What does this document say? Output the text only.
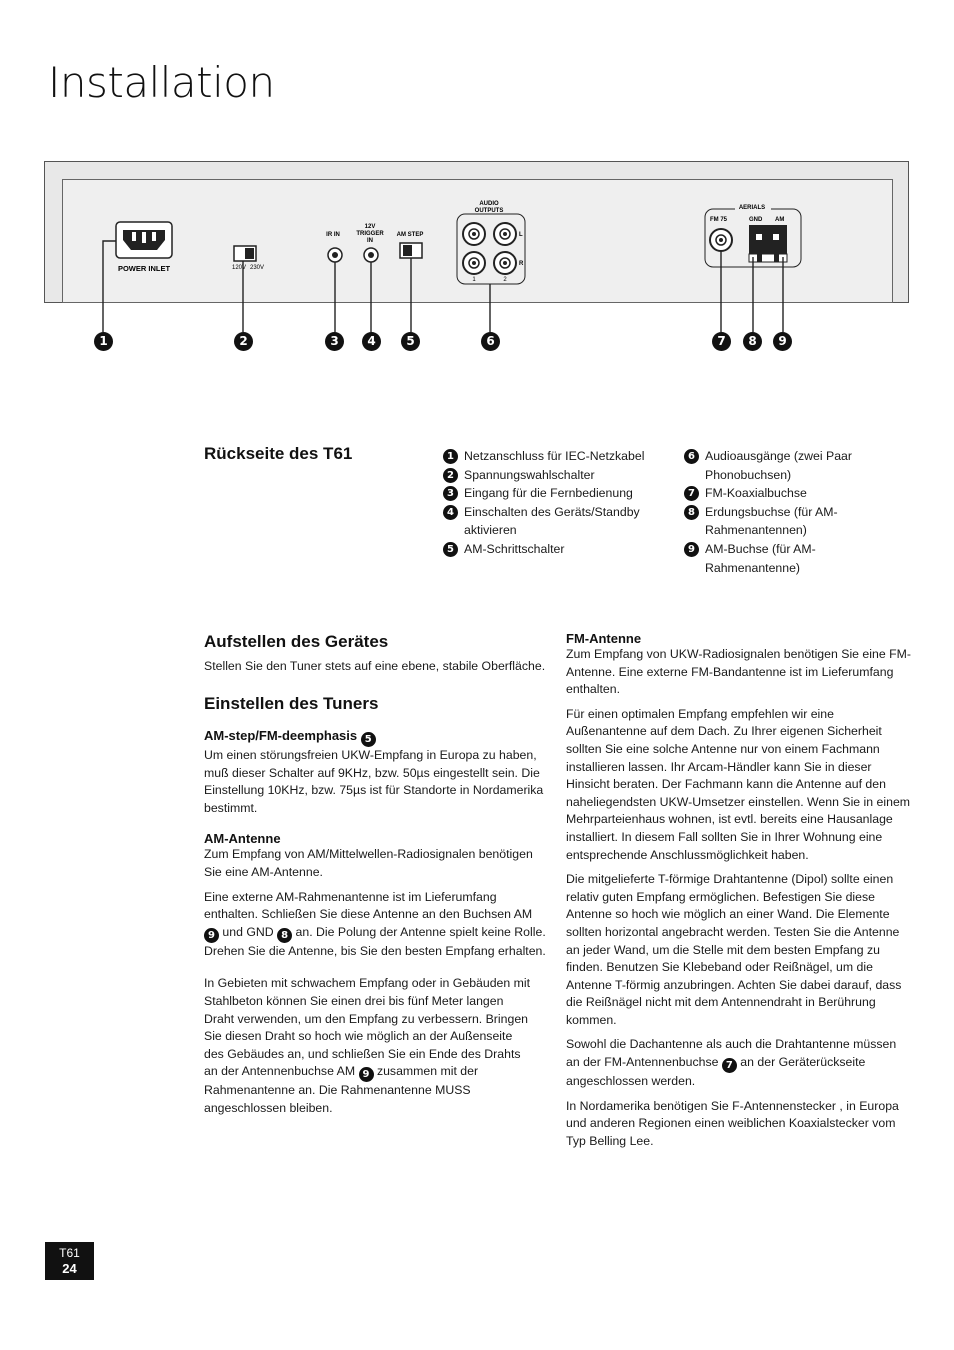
Installation
POWER INLET	120V 230V
IR IN
12V
TRIGGER
IN
AM STEP
AUDIO
OUTPUTS
L
R
1	2
AERIALS
FM 75	GND AM
1	2	3	4	5	6	7	8	9
Rückseite des T61	1 Netzanschluss für IEC-Netzkabel
2 Spannungswahlschalter
3 Eingang für die Fernbedienung
4 Einschalten des Geräts/Standby aktivieren
5 AM-Schrittschalter
6 Audioausgänge (zwei Paar Phonobuchsen)
7 FM-Koaxialbuchse
8 Erdungsbuchse (für AM-Rahmenantennen)
9 AM-Buchse (für AM-Rahmenantenne)
Aufstellen des Gerätes

Stellen Sie den Tuner stets auf eine ebene, stabile Oberfläche.

Einstellen des Tuners

AM-step/FM-deemphasis 5

Um einen störungsfreien UKW-Empfang in Europa zu haben, muß dieser Schalter auf 9KHz, bzw. 50µs eingestellt sein. Die Einstellung 10KHz, bzw. 75µs ist für Standorte in Nordamerika bestimmt.

AM-Antenne

Zum Empfang von AM/Mittelwellen-Radiosignalen benötigen Sie eine AM-Antenne.

Eine externe AM-Rahmenantenne ist im Lieferumfang enthalten. Schließen Sie diese Antenne an den Buchsen AM 9 und GND 8 an. Die Polung der Antenne spielt keine Rolle. Drehen Sie die Antenne, bis Sie den besten Empfang erhalten.

In Gebieten mit schwachem Empfang oder in Gebäuden mit Stahlbeton können Sie einen drei bis fünf Meter langen Draht verwenden, um den Empfang zu verbessern. Bringen Sie diesen Draht so hoch wie möglich an der Außenseite des Gebäudes an, und schließen Sie ein Ende des Drahts an der Antennenbuchse AM 9 zusammen mit der Rahmenantenne an. Die Rahmenantenne MUSS angeschlossen bleiben.

FM-Antenne

Zum Empfang von UKW-Radiosignalen benötigen Sie eine FM-Antenne. Eine externe FM-Bandantenne ist im Lieferumfang enthalten.

Für einen optimalen Empfang empfehlen wir eine Außenantenne auf dem Dach. Zu Ihrer eigenen Sicherheit sollten Sie eine solche Antenne nur von einem Fachmann installieren lassen. Ihr Arcam-Händler kann Sie in dieser Hinsicht beraten. Der Fachmann kann die Antenne auf den naheliegendsten UKW-Umsetzer einstellen. Wenn Sie in einem Mehrparteienhaus wohnen, ist evtl. bereits eine Hausanlage installiert. In diesem Fall sollten Sie in Ihrer Wohnung eine entsprechende Anschlussmöglichkeit haben.

Die mitgelieferte T-förmige Drahtantenne (Dipol) sollte einen relativ guten Empfang ermöglichen. Befestigen Sie diese Antenne so hoch wie möglich an einer Wand. Die Elemente sollten horizontal angebracht werden. Testen Sie die Antenne an jeder Wand, um die Stelle mit dem besten Empfang zu finden. Benutzen Sie Klebeband oder Reißnägel, um die Antenne T-förmig anzubringen. Achten Sie dabei darauf, dass die Reißnägel nicht mit dem Antennendraht in Berührung kommen.

Sowohl die Dachantenne als auch die Drahtantenne müssen an der FM-Antennenbuchse 7 an der Geräterückseite angeschlossen werden.

In Nordamerika benötigen Sie F-Antennenstecker , in Europa und anderen Regionen einen weiblichen Koaxialstecker vom Typ Belling Lee.

T61
24
